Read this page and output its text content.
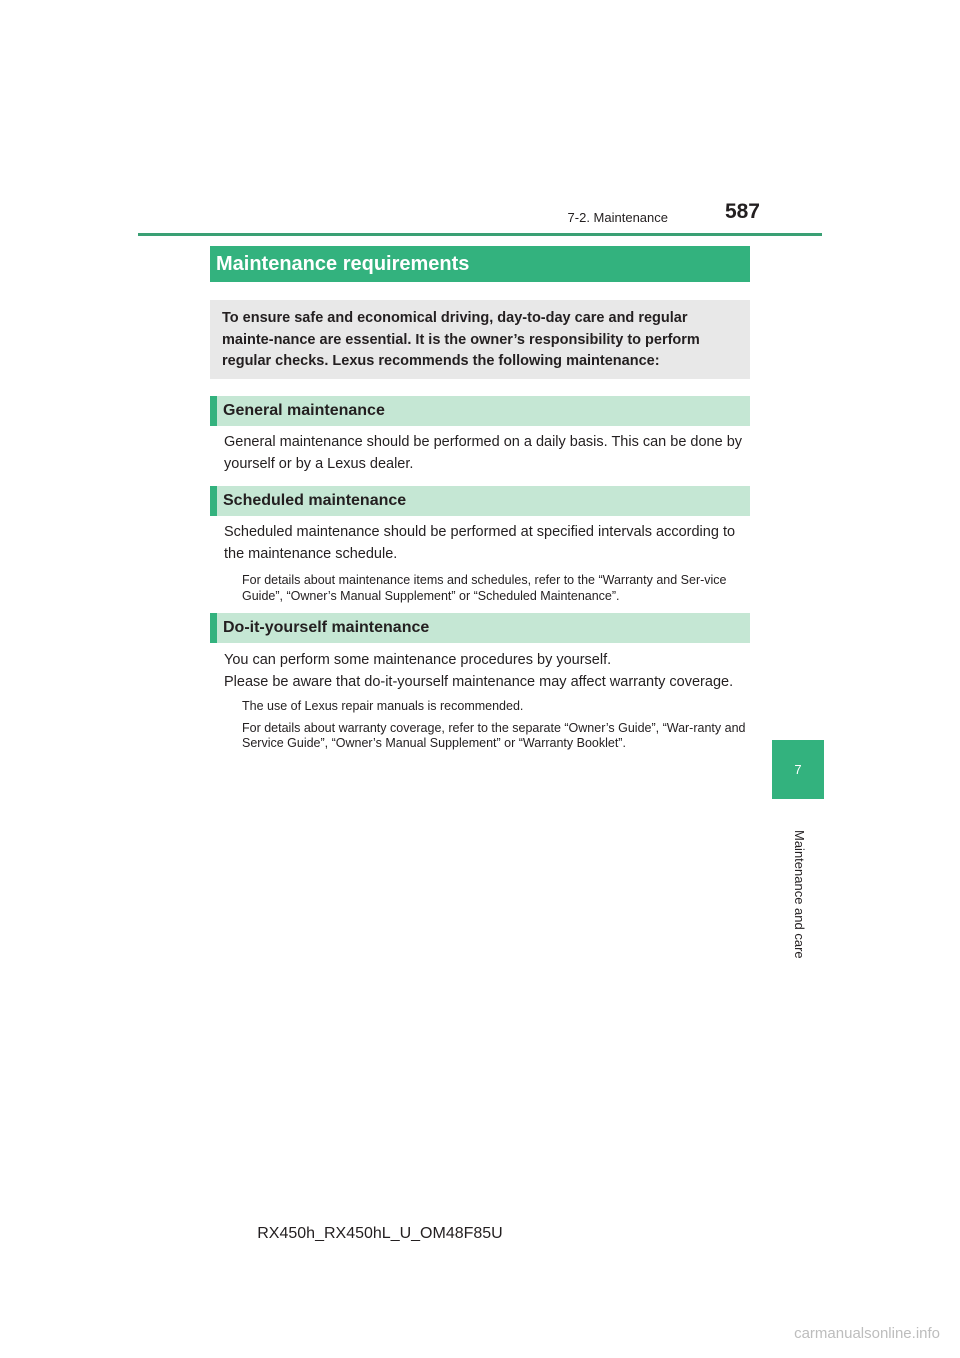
7-2. Maintenance	587
Maintenance requirements

To ensure safe and economical driving, day-to-day care and regular mainte-nance are essential. It is the owner’s responsibility to perform regular checks. Lexus recommends the following maintenance:

General maintenance

General maintenance should be performed on a daily basis. This can be done by yourself or by a Lexus dealer.

Scheduled maintenance

Scheduled maintenance should be performed at specified intervals according to the maintenance schedule.

For details about maintenance items and schedules, refer to the “Warranty and Ser-vice Guide”, “Owner’s Manual Supplement” or “Scheduled Maintenance”.

Do-it-yourself maintenance

You can perform some maintenance procedures by yourself.

Please be aware that do-it-yourself maintenance may affect warranty coverage.

The use of Lexus repair manuals is recommended.

For details about warranty coverage, refer to the separate “Owner’s Guide”, “War-ranty and Service Guide”, “Owner’s Manual Supplement” or “Warranty Booklet”.

7
Maintenance and care
RX450h_RX450hL_U_OM48F85U
carmanualsonline.info
